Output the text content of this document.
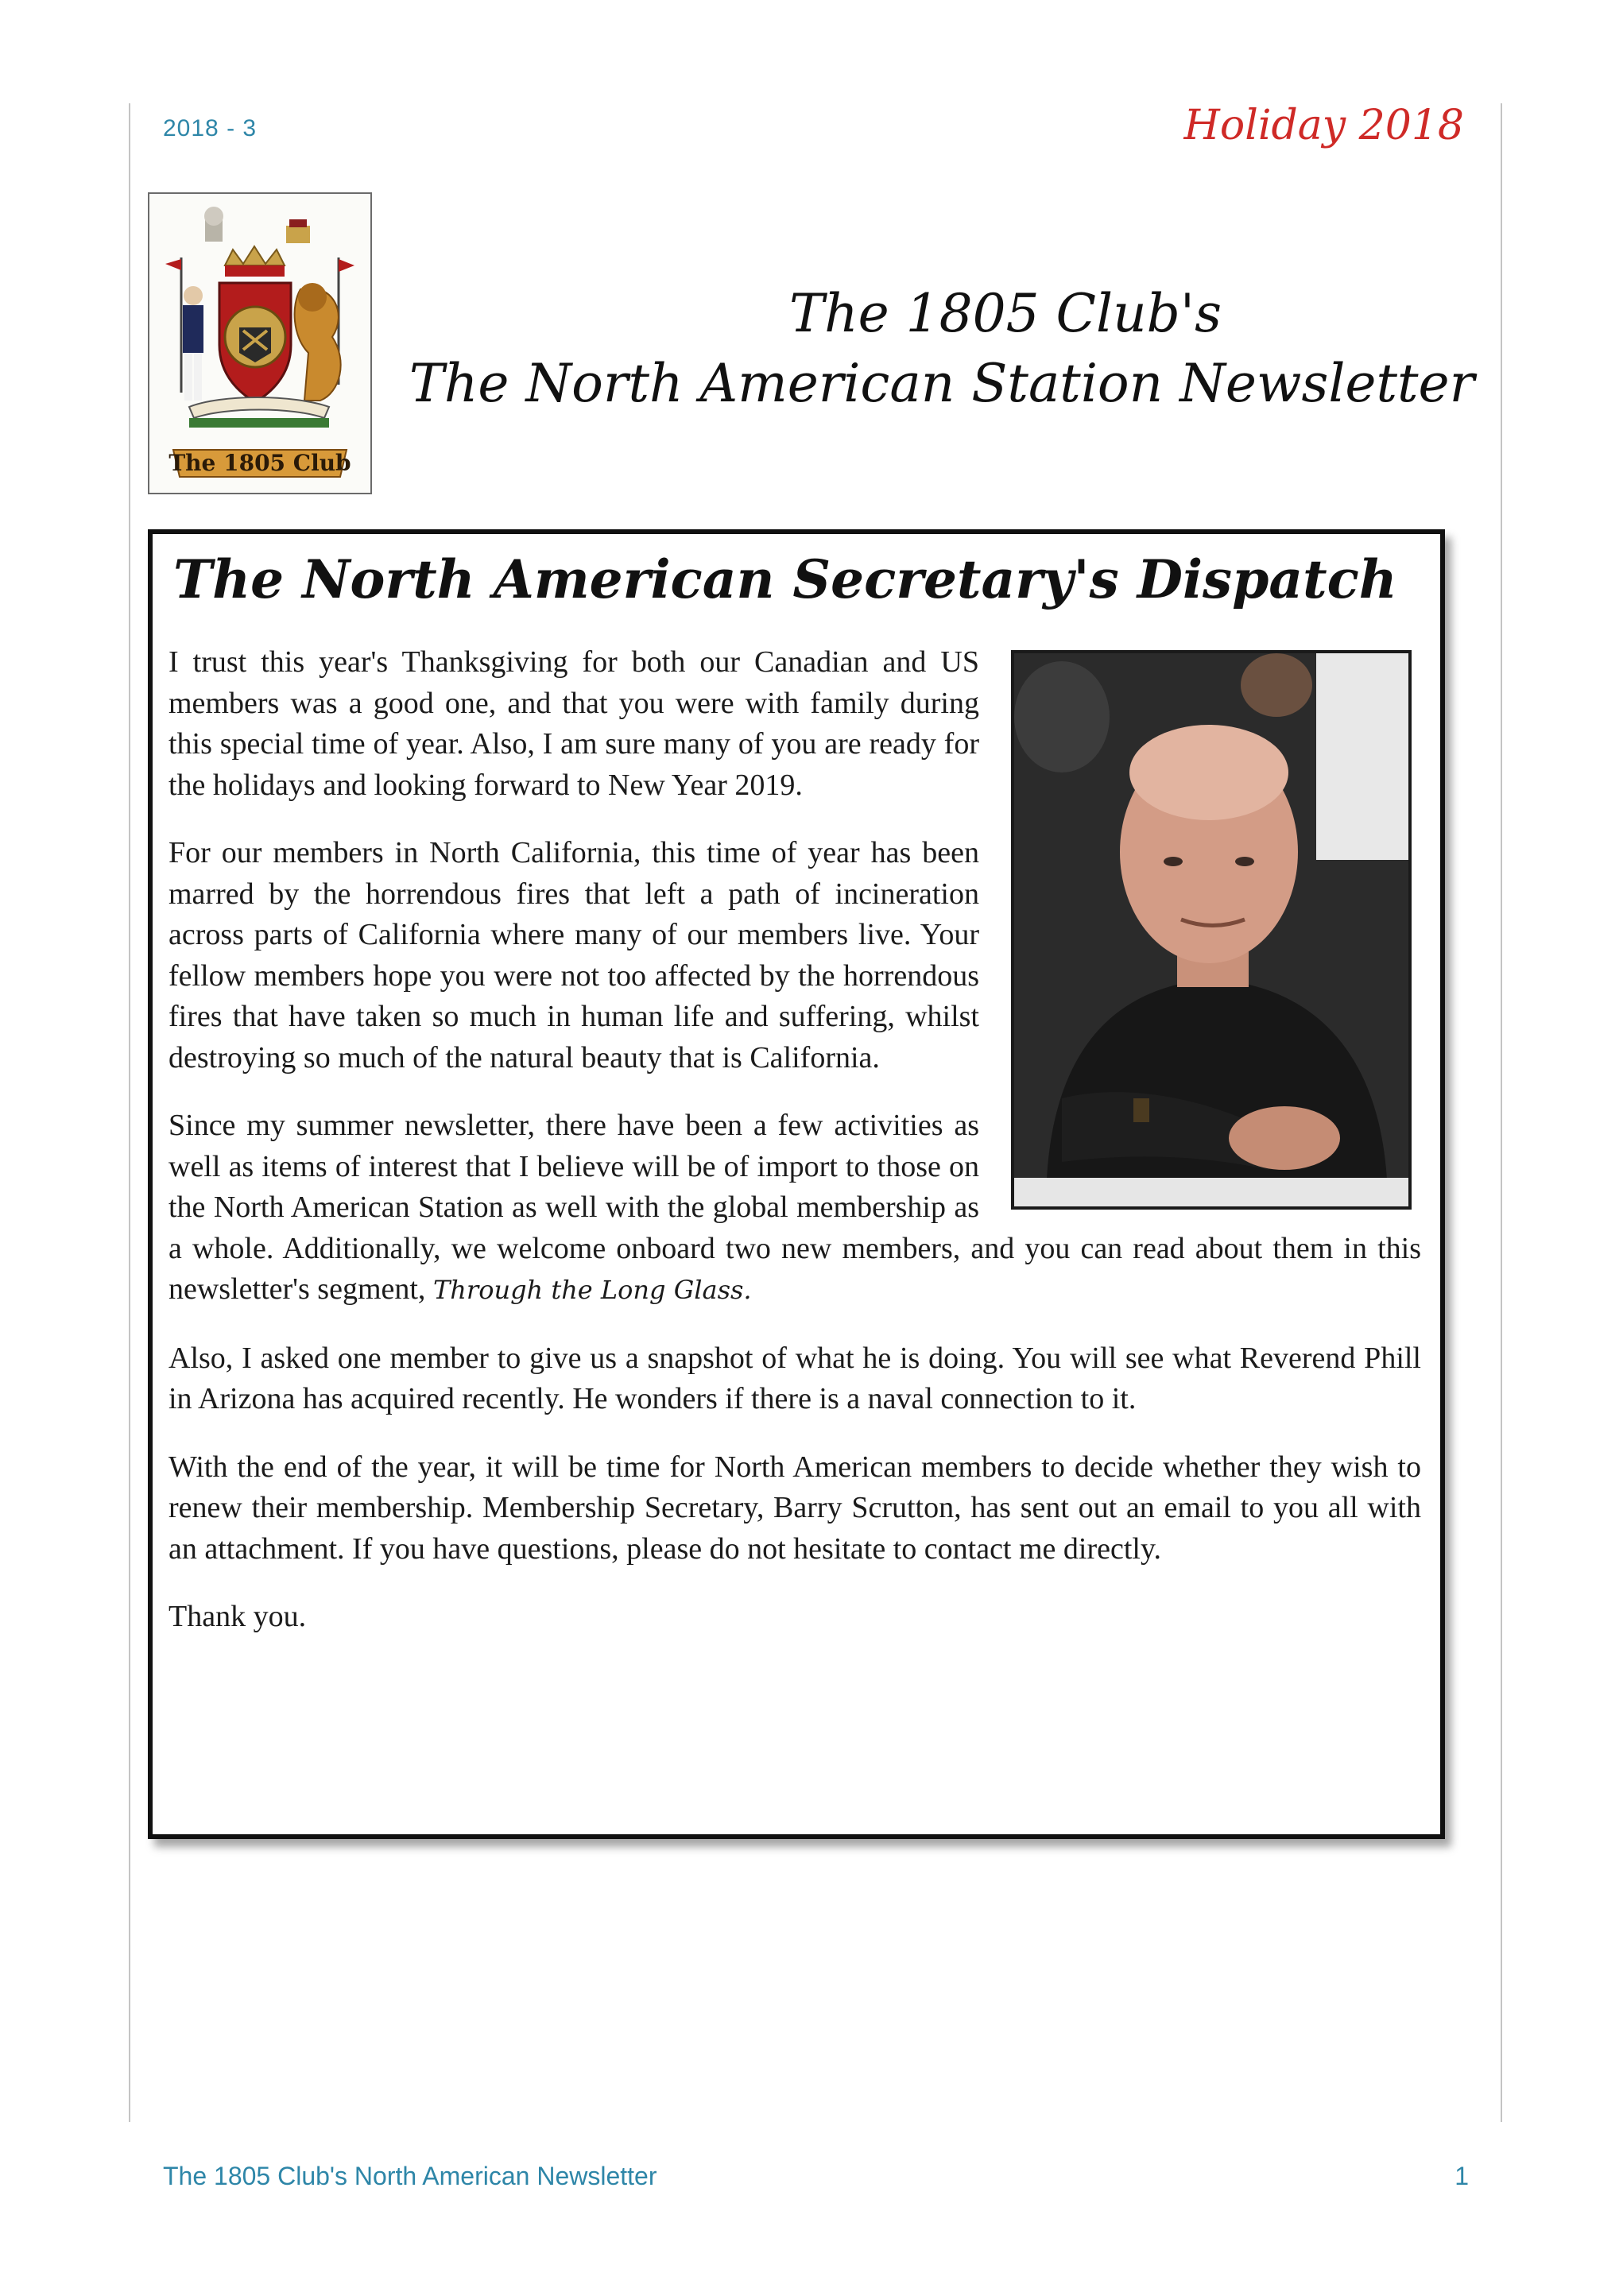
2018 - 3	Holiday 2018
The 1805 Club
The 1805 Club's
The North American Station Newsletter
The North American Secretary's Dispatch

I trust this year's Thanksgiving for both our Canadian and US members was a good one, and that you were with family during this special time of year. Also, I am sure many of you are ready for the holidays and looking forward to New Year 2019.

For our members in North California, this time of year has been marred by the horrendous fires that left a path of incineration across parts of California where many of our members live. Your fellow members hope you were not too affected by the horrendous fires that have taken so much in human life and suffering, whilst destroying so much of the natural beauty that is California.

Since my summer newsletter, there have been a few activities as well as items of interest that I believe will be of import to those on the North American Station as well with the global membership as a whole. Additionally, we welcome onboard two new members, and you can read about them in this newsletter's segment, Through the Long Glass.

Also, I asked one member to give us a snapshot of what he is doing. You will see what Reverend Phill in Arizona has acquired recently. He wonders if there is a naval connection to it.

With the end of the year, it will be time for North American members to decide whether they wish to renew their membership. Membership Secretary, Barry Scrutton, has sent out an email to you all with an attachment. If you have questions, please do not hesitate to contact me directly.

Thank you.

The 1805 Club's North American Newsletter	1
